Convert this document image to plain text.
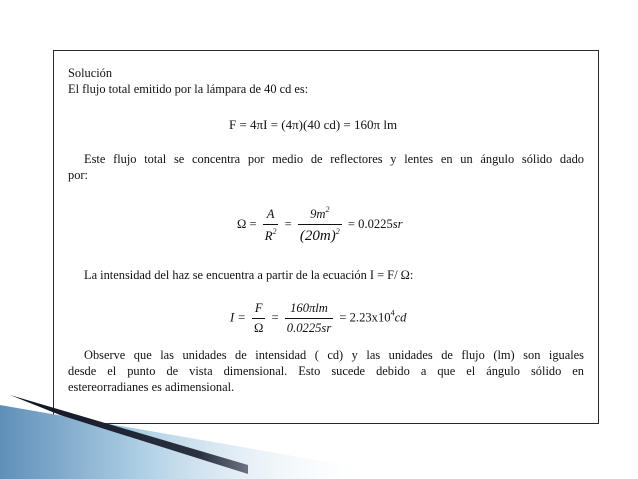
Solución
El flujo total emitido por la lámpara de 40 cd es:
F = 4πI = (4π)(40 cd) = 160π lm
Este flujo total se concentra por medio de reflectores y lentes en un ángulo sólido dado
por:
$\Omega = \frac{A}{R^2} = \frac{9m^2}{(20m)^2} = 0.0225sr$
La intensidad del haz se encuentra a partir de la ecuación I = F/ Ω:
$I = \frac{F}{\Omega} = \frac{\text{160πlm}}{0.0225sr} = 2.23x10^4cd$
Observe que las unidades de intensidad ( cd) y las unidades de flujo (lm) son iguales
desde el punto de vista dimensional. Esto sucede debido a que el ángulo sólido en
estereorradianes es adimensional.
